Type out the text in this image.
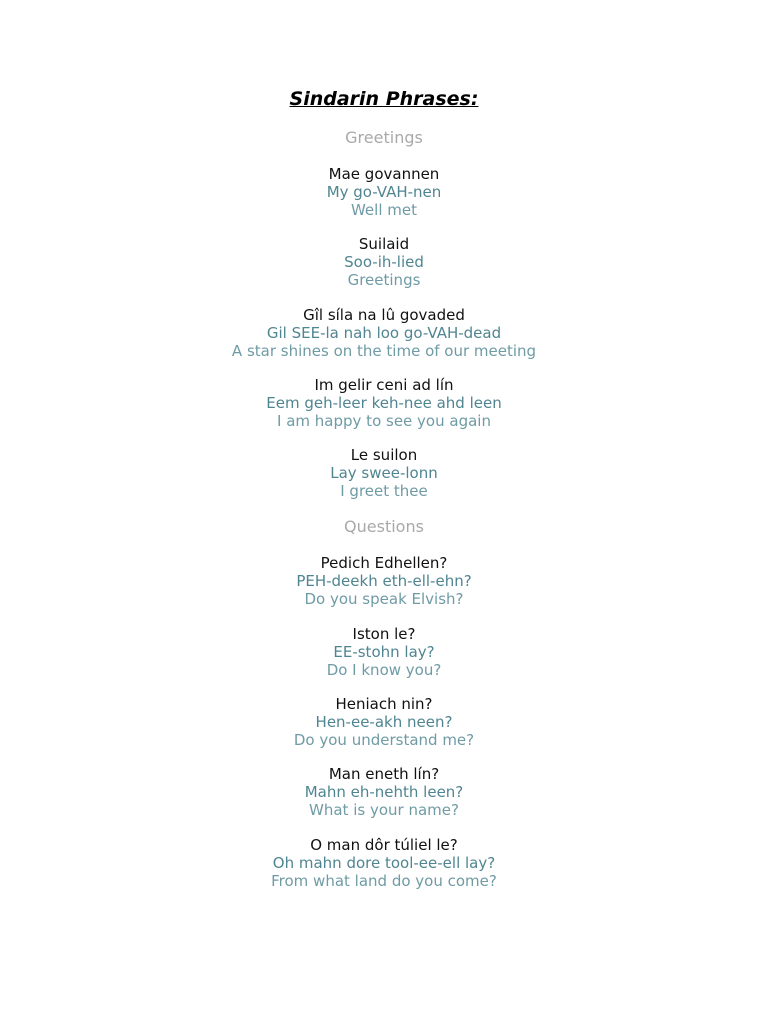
Sindarin Phrases:
Greetings
Mae govannen
My go-VAH-nen
Well met
Suilaid
Soo-ih-lied
Greetings
Gîl síla na lû govaded
Gil SEE-la nah loo go-VAH-dead
A star shines on the time of our meeting
Im gelir ceni ad lín
Eem geh-leer keh-nee ahd leen
I am happy to see you again
Le suilon
Lay swee-lonn
I greet thee
Questions
Pedich Edhellen?
PEH-deekh eth-ell-ehn?
Do you speak Elvish?
Iston le?
EE-stohn lay?
Do I know you?
Heniach nin?
Hen-ee-akh neen?
Do you understand me?
Man eneth lín?
Mahn eh-nehth leen?
What is your name?
O man dôr túliel le?
Oh mahn dore tool-ee-ell lay?
From what land do you come?
